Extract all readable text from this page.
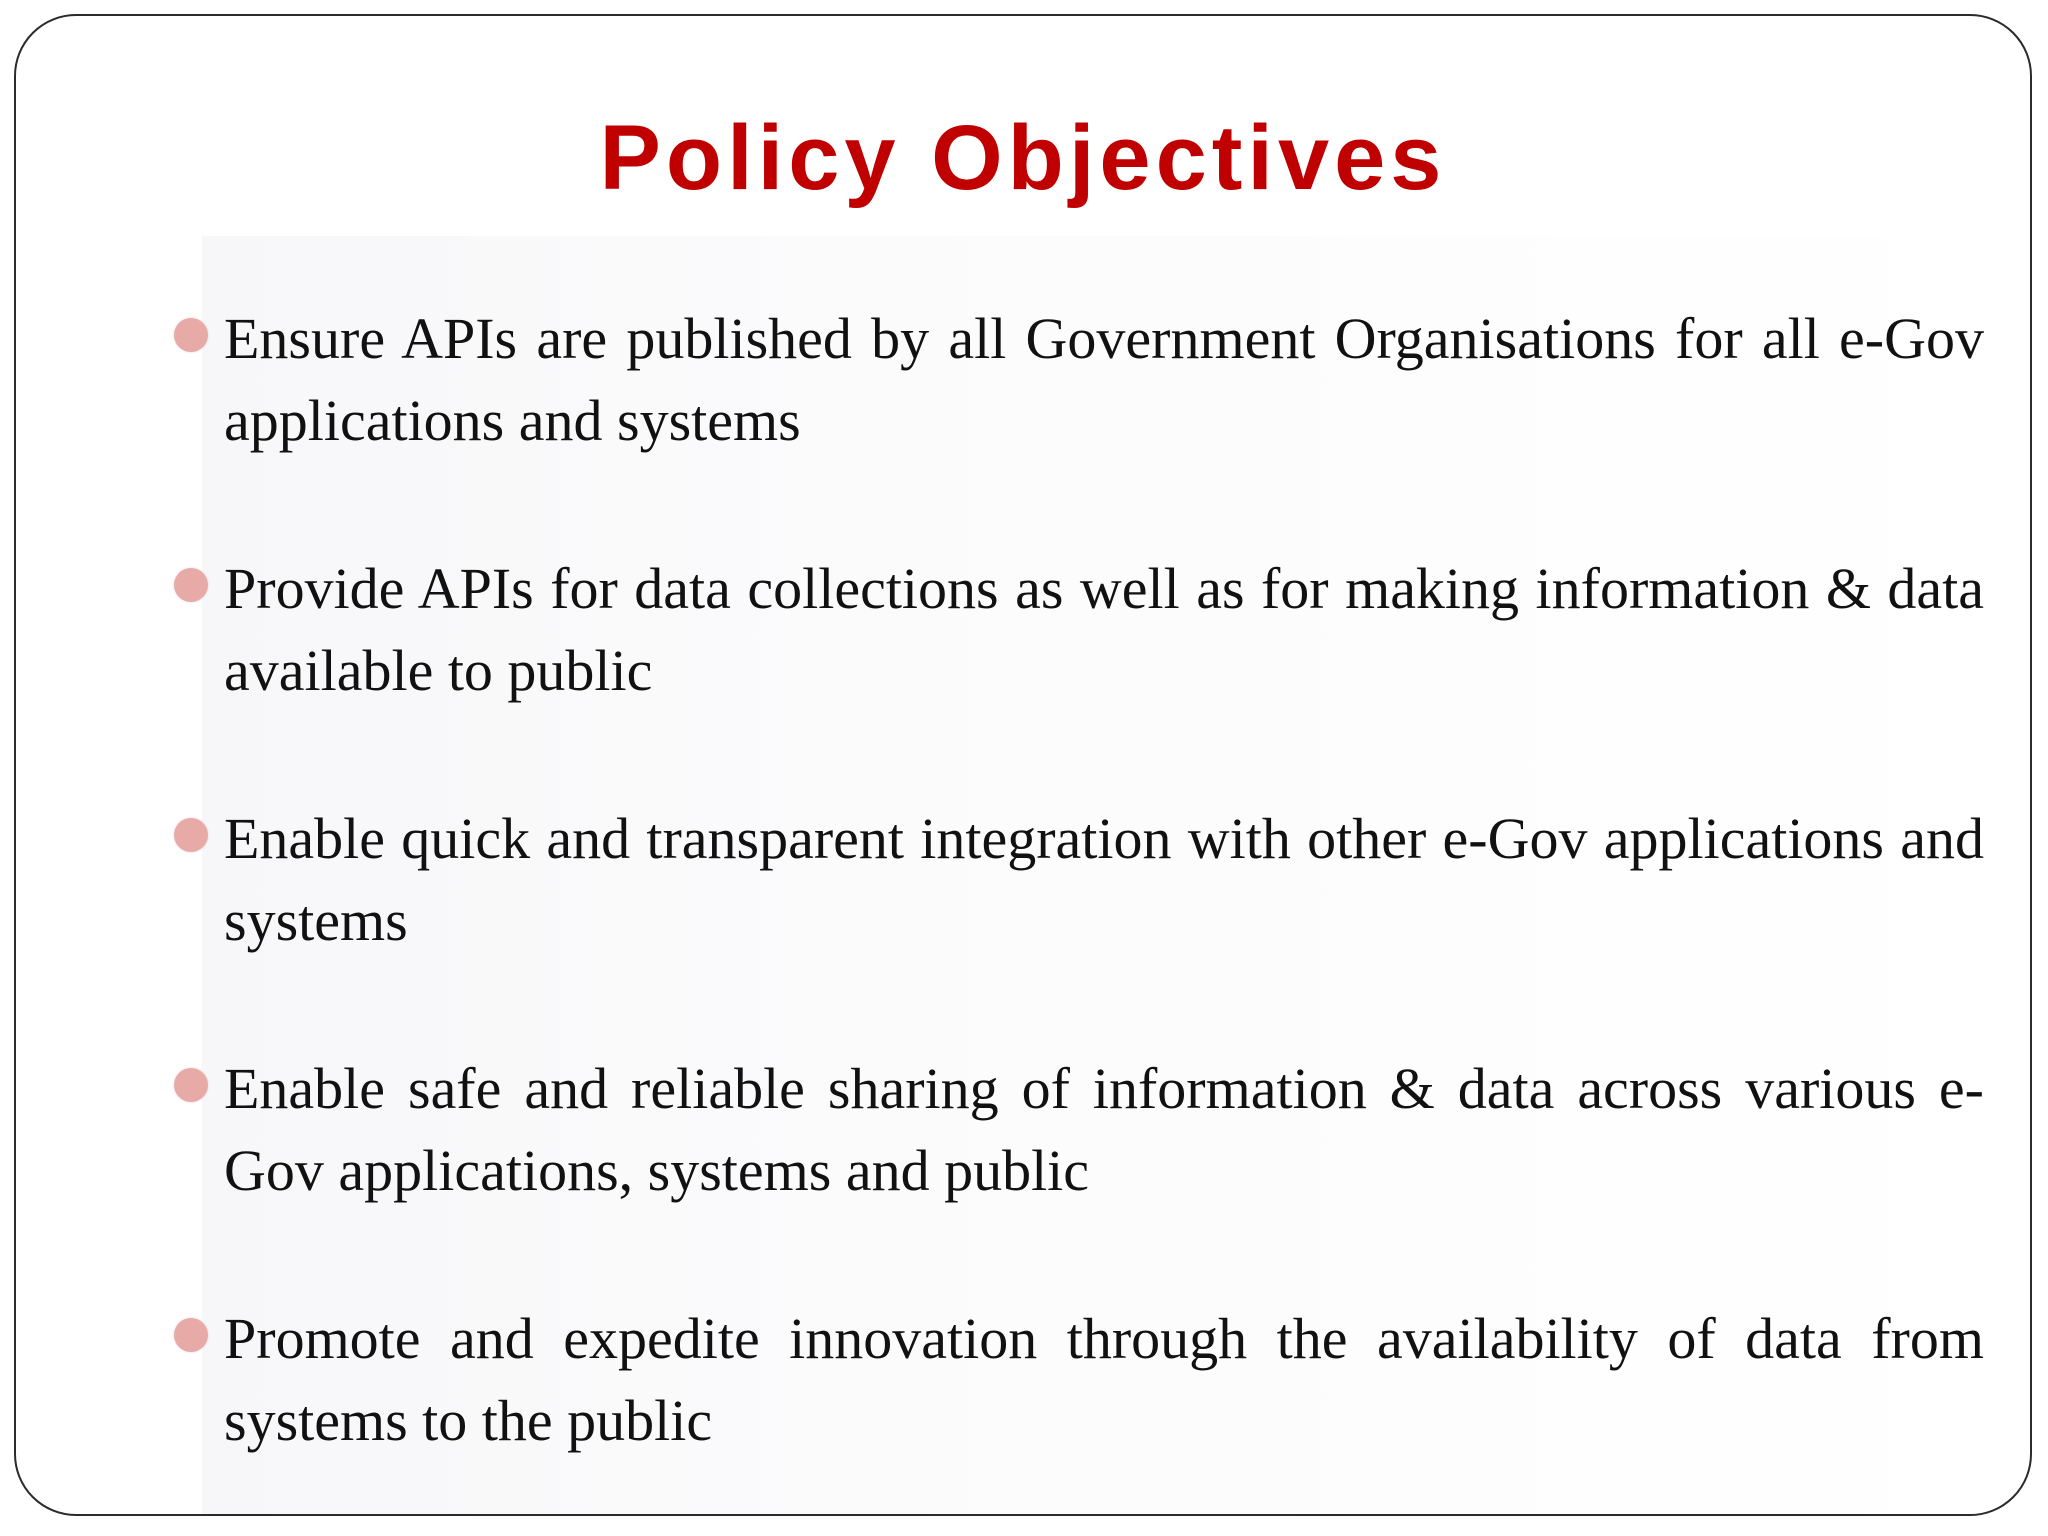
Policy Objectives
Ensure APIs are published by all Government Organisations for all e-Gov applications and systems
Provide APIs for data collections as well as for making information & data available to public
Enable quick and transparent integration with other e-Gov applications and systems
Enable safe and reliable sharing of information & data across various e-Gov applications, systems and public
Promote and expedite innovation through the availability of data from systems to the public
